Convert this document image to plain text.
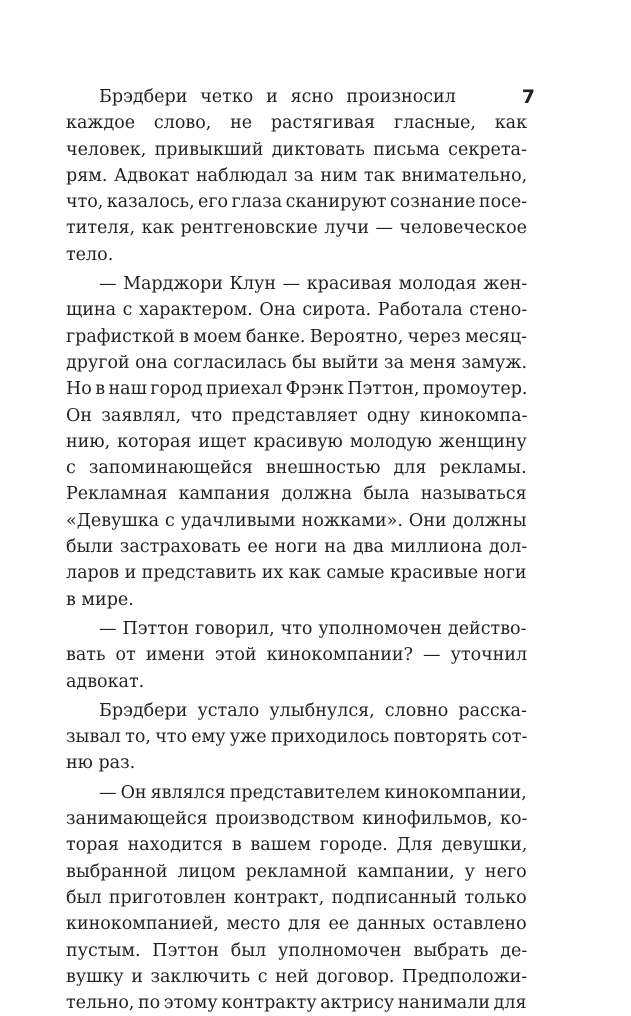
7
Брэдбери четко и ясно произносил
каждое слово, не растягивая гласные, как
человек, привыкший диктовать письма секрета-
рям. Адвокат наблюдал за ним так внимательно,
что, казалось, его глаза сканируют сознание посе-
тителя, как рентгеновские лучи — человеческое
тело.
— Марджори Клун — красивая молодая жен-
щина с характером. Она сирота. Работала стено-
графисткой в моем банке. Вероятно, через месяц-
другой она согласилась бы выйти за меня замуж.
Но в наш город приехал Фрэнк Пэттон, промоутер.
Он заявлял, что представляет одну кинокомпа-
нию, которая ищет красивую молодую женщину
с запоминающейся внешностью для рекламы.
Рекламная кампания должна была называться
«Девушка с удачливыми ножками». Они должны
были застраховать ее ноги на два миллиона дол-
ларов и представить их как самые красивые ноги
в мире.
— Пэттон говорил, что уполномочен действо-
вать от имени этой кинокомпании? — уточнил
адвокат.
Брэдбери устало улыбнулся, словно расска-
зывал то, что ему уже приходилось повторять сот-
ню раз.
— Он являлся представителем кинокомпании,
занимающейся производством кинофильмов, ко-
торая находится в вашем городе. Для девушки,
выбранной лицом рекламной кампании, у него
был приготовлен контракт, подписанный только
кинокомпанией, место для ее данных оставлено
пустым. Пэттон был уполномочен выбрать де-
вушку и заключить с ней договор. Предположи-
тельно, по этому контракту актрису нанимали для
